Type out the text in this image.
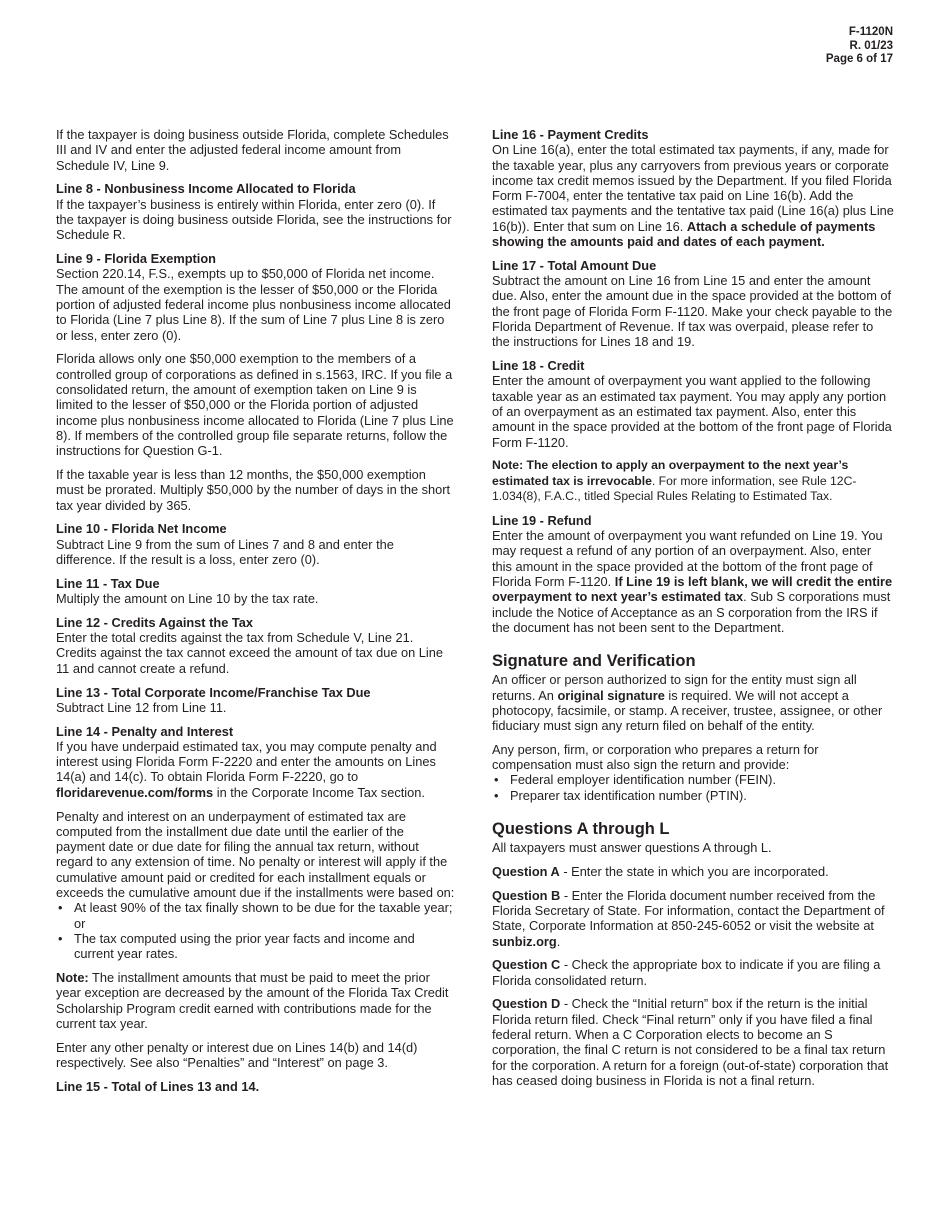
F-1120N
R. 01/23
Page 6 of 17

If the taxpayer is doing business outside Florida, complete Schedules III and IV and enter the adjusted federal income amount from Schedule IV, Line 9.

Line 8 - Nonbusiness Income Allocated to Florida
If the taxpayer’s business is entirely within Florida, enter zero (0). If the taxpayer is doing business outside Florida, see the instructions for Schedule R.

Line 9 - Florida Exemption
Section 220.14, F.S., exempts up to $50,000 of Florida net income. The amount of the exemption is the lesser of $50,000 or the Florida portion of adjusted federal income plus nonbusiness income allocated to Florida (Line 7 plus Line 8). If the sum of Line 7 plus Line 8 is zero or less, enter zero (0).

Florida allows only one $50,000 exemption to the members of a controlled group of corporations as defined in s.1563, IRC. If you file a consolidated return, the amount of exemption taken on Line 9 is limited to the lesser of $50,000 or the Florida portion of adjusted income plus nonbusiness income allocated to Florida (Line 7 plus Line 8). If members of the controlled group file separate returns, follow the instructions for Question G-1.

If the taxable year is less than 12 months, the $50,000 exemption must be prorated. Multiply $50,000 by the number of days in the short tax year divided by 365.

Line 10 - Florida Net Income
Subtract Line 9 from the sum of Lines 7 and 8 and enter the difference. If the result is a loss, enter zero (0).

Line 11 - Tax Due
Multiply the amount on Line 10 by the tax rate.

Line 12 - Credits Against the Tax
Enter the total credits against the tax from Schedule V, Line 21. Credits against the tax cannot exceed the amount of tax due on Line 11 and cannot create a refund.

Line 13 - Total Corporate Income/Franchise Tax Due
Subtract Line 12 from Line 11.

Line 14 - Penalty and Interest
If you have underpaid estimated tax, you may compute penalty and interest using Florida Form F-2220 and enter the amounts on Lines 14(a) and 14(c). To obtain Florida Form F-2220, go to floridarevenue.com/forms in the Corporate Income Tax section.

Penalty and interest on an underpayment of estimated tax are computed from the installment due date until the earlier of the payment date or due date for filing the annual tax return, without regard to any extension of time. No penalty or interest will apply if the cumulative amount paid or credited for each installment equals or exceeds the cumulative amount due if the installments were based on:

• At least 90% of the tax finally shown to be due for the taxable year; or
• The tax computed using the prior year facts and income and current year rates.

Note: The installment amounts that must be paid to meet the prior year exception are decreased by the amount of the Florida Tax Credit Scholarship Program credit earned with contributions made for the current tax year.

Enter any other penalty or interest due on Lines 14(b) and 14(d) respectively. See also “Penalties” and “Interest” on page 3.

Line 15 - Total of Lines 13 and 14.

Line 16 - Payment Credits
On Line 16(a), enter the total estimated tax payments, if any, made for the taxable year, plus any carryovers from previous years or corporate income tax credit memos issued by the Department. If you filed Florida Form F-7004, enter the tentative tax paid on Line 16(b). Add the estimated tax payments and the tentative tax paid (Line 16(a) plus Line 16(b)). Enter that sum on Line 16. Attach a schedule of payments showing the amounts paid and dates of each payment.

Line 17 - Total Amount Due
Subtract the amount on Line 16 from Line 15 and enter the amount due. Also, enter the amount due in the space provided at the bottom of the front page of Florida Form F-1120. Make your check payable to the Florida Department of Revenue. If tax was overpaid, please refer to the instructions for Lines 18 and 19.

Line 18 - Credit
Enter the amount of overpayment you want applied to the following taxable year as an estimated tax payment. You may apply any portion of an overpayment as an estimated tax payment. Also, enter this amount in the space provided at the bottom of the front page of Florida Form F-1120.

Note: The election to apply an overpayment to the next year’s estimated tax is irrevocable. For more information, see Rule 12C-1.034(8), F.A.C., titled Special Rules Relating to Estimated Tax.

Line 19 - Refund
Enter the amount of overpayment you want refunded on Line 19. You may request a refund of any portion of an overpayment. Also, enter this amount in the space provided at the bottom of the front page of Florida Form F-1120. If Line 19 is left blank, we will credit the entire overpayment to next year’s estimated tax. Sub S corporations must include the Notice of Acceptance as an S corporation from the IRS if the document has not been sent to the Department.

Signature and Verification

An officer or person authorized to sign for the entity must sign all returns. An original signature is required. We will not accept a photocopy, facsimile, or stamp. A receiver, trustee, assignee, or other fiduciary must sign any return filed on behalf of the entity.

Any person, firm, or corporation who prepares a return for compensation must also sign the return and provide:

• Federal employer identification number (FEIN).
• Preparer tax identification number (PTIN).
Questions A through L

All taxpayers must answer questions A through L.

Question A - Enter the state in which you are incorporated.

Question B - Enter the Florida document number received from the Florida Secretary of State. For information, contact the Department of State, Corporate Information at 850-245-6052 or visit the website at sunbiz.org.

Question C - Check the appropriate box to indicate if you are filing a Florida consolidated return.

Question D - Check the “Initial return” box if the return is the initial Florida return filed. Check “Final return” only if you have filed a final federal return. When a C Corporation elects to become an S corporation, the final C return is not considered to be a final tax return for the corporation. A return for a foreign (out-of-state) corporation that has ceased doing business in Florida is not a final return.
